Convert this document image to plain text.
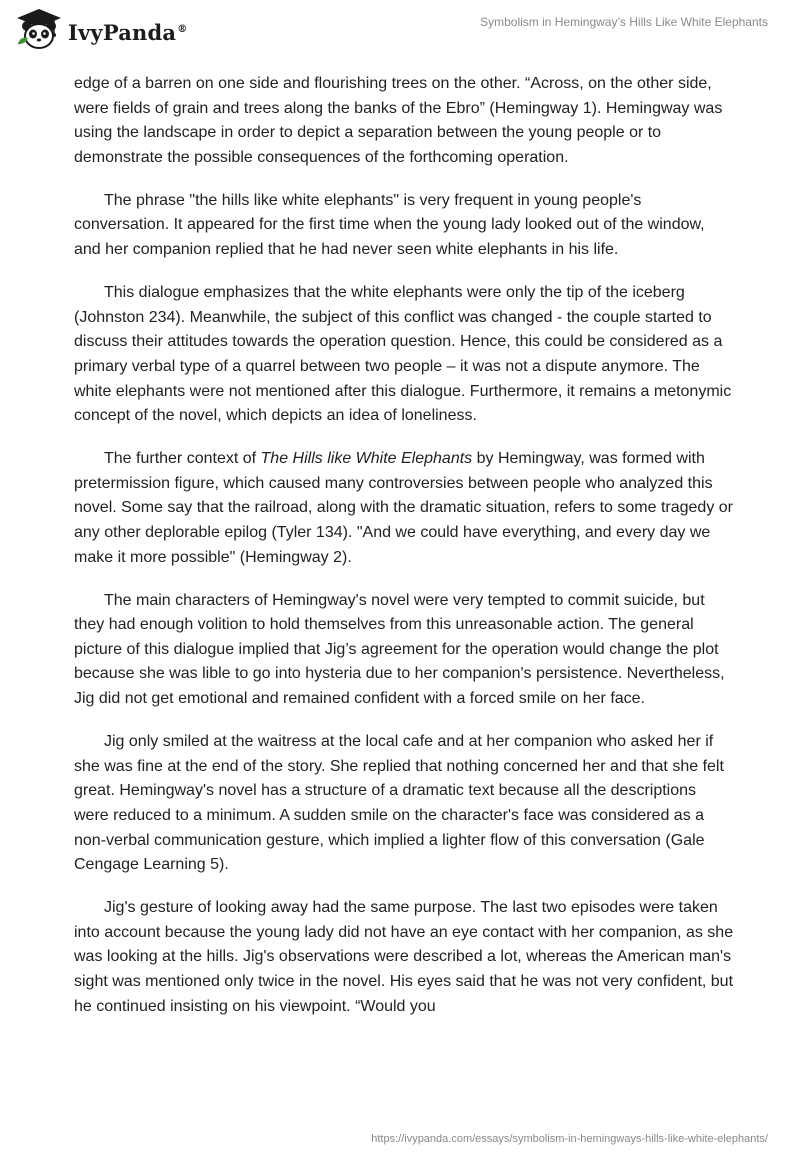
IvyPanda®	Symbolism in Hemingway’s Hills Like White Elephants

edge of a barren on one side and flourishing trees on the other. “Across, on the other side, were fields of grain and trees along the banks of the Ebro” (Hemingway 1). Hemingway was using the landscape in order to depict a separation between the young people or to demonstrate the possible consequences of the forthcoming operation.

The phrase "the hills like white elephants" is very frequent in young people's conversation. It appeared for the first time when the young lady looked out of the window, and her companion replied that he had never seen white elephants in his life.

This dialogue emphasizes that the white elephants were only the tip of the iceberg (Johnston 234). Meanwhile, the subject of this conflict was changed - the couple started to discuss their attitudes towards the operation question. Hence, this could be considered as a primary verbal type of a quarrel between two people – it was not a dispute anymore. The white elephants were not mentioned after this dialogue. Furthermore, it remains a metonymic concept of the novel, which depicts an idea of loneliness.

The further context of The Hills like White Elephants by Hemingway, was formed with pretermission figure, which caused many controversies between people who analyzed this novel. Some say that the railroad, along with the dramatic situation, refers to some tragedy or any other deplorable epilog (Tyler 134). "And we could have everything, and every day we make it more possible" (Hemingway 2).

The main characters of Hemingway's novel were very tempted to commit suicide, but they had enough volition to hold themselves from this unreasonable action. The general picture of this dialogue implied that Jig’s agreement for the operation would change the plot because she was lible to go into hysteria due to her companion's persistence. Nevertheless, Jig did not get emotional and remained confident with a forced smile on her face.

Jig only smiled at the waitress at the local cafe and at her companion who asked her if she was fine at the end of the story. She replied that nothing concerned her and that she felt great. Hemingway's novel has a structure of a dramatic text because all the descriptions were reduced to a minimum. A sudden smile on the character's face was considered as a non-verbal communication gesture, which implied a lighter flow of this conversation (Gale Cengage Learning 5).

Jig's gesture of looking away had the same purpose. The last two episodes were taken into account because the young lady did not have an eye contact with her companion, as she was looking at the hills. Jig's observations were described a lot, whereas the American man's sight was mentioned only twice in the novel. His eyes said that he was not very confident, but he continued insisting on his viewpoint. “Would you

https://ivypanda.com/essays/symbolism-in-hemingways-hills-like-white-elephants/
